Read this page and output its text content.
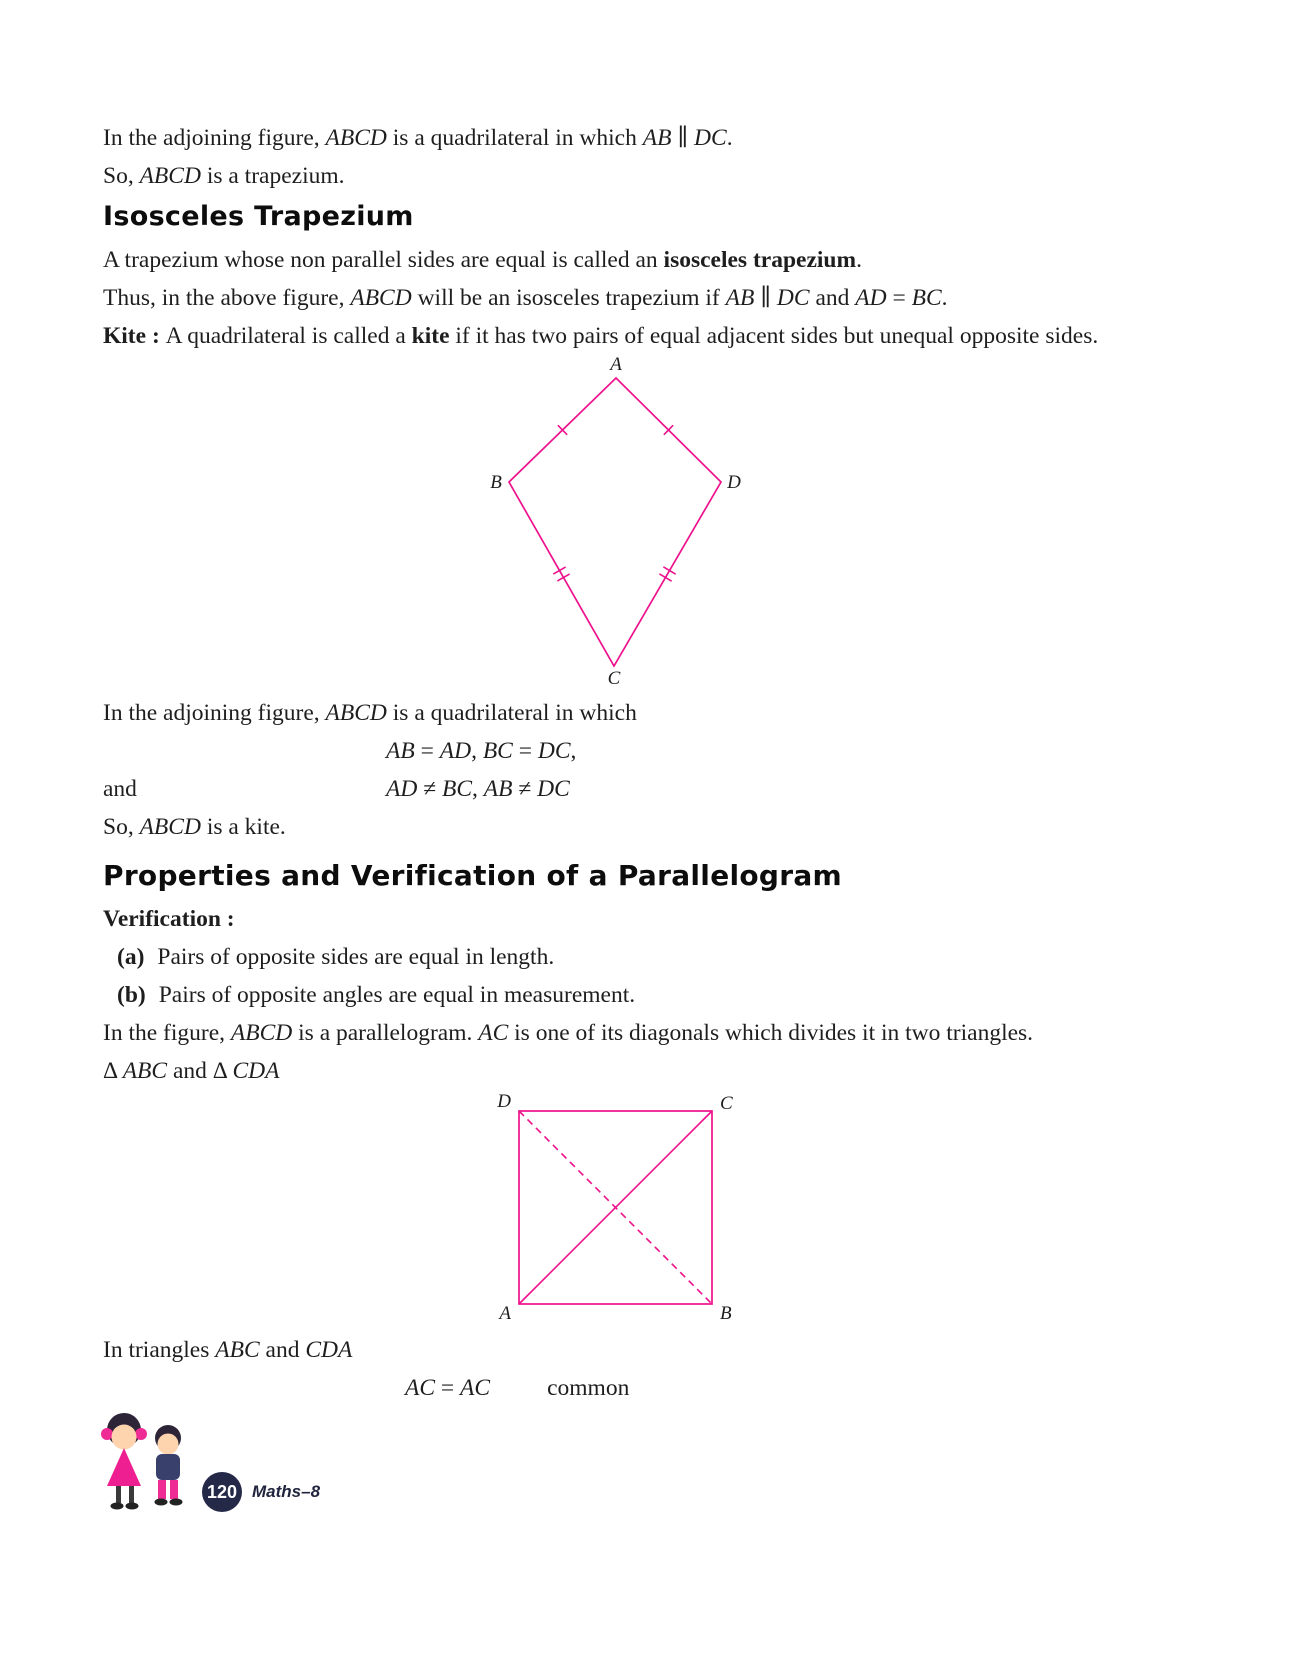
In the adjoining figure, ABCD is a quadrilateral in which AB ∥ DC.

So, ABCD is a trapezium.

Isosceles Trapezium

A trapezium whose non parallel sides are equal is called an isosceles trapezium.

Thus, in the above figure, ABCD will be an isosceles trapezium if AB ∥ DC and AD = BC.

Kite : A quadrilateral is called a kite if it has two pairs of equal adjacent sides but unequal opposite sides.

A
B	D
C

In the adjoining figure, ABCD is a quadrilateral in which

AB = AD, BC = DC,
and	AD ≠ BC, AB ≠ DC

So, ABCD is a kite.

Properties and Verification of a Parallelogram

Verification :

(a) Pairs of opposite sides are equal in length.

(b) Pairs of opposite angles are equal in measurement.

In the figure, ABCD is a parallelogram. AC is one of its diagonals which divides it in two triangles.

Δ ABC and Δ CDA

D	C
A	B

In triangles ABC and CDA

AC = AC common
120 Maths–8
